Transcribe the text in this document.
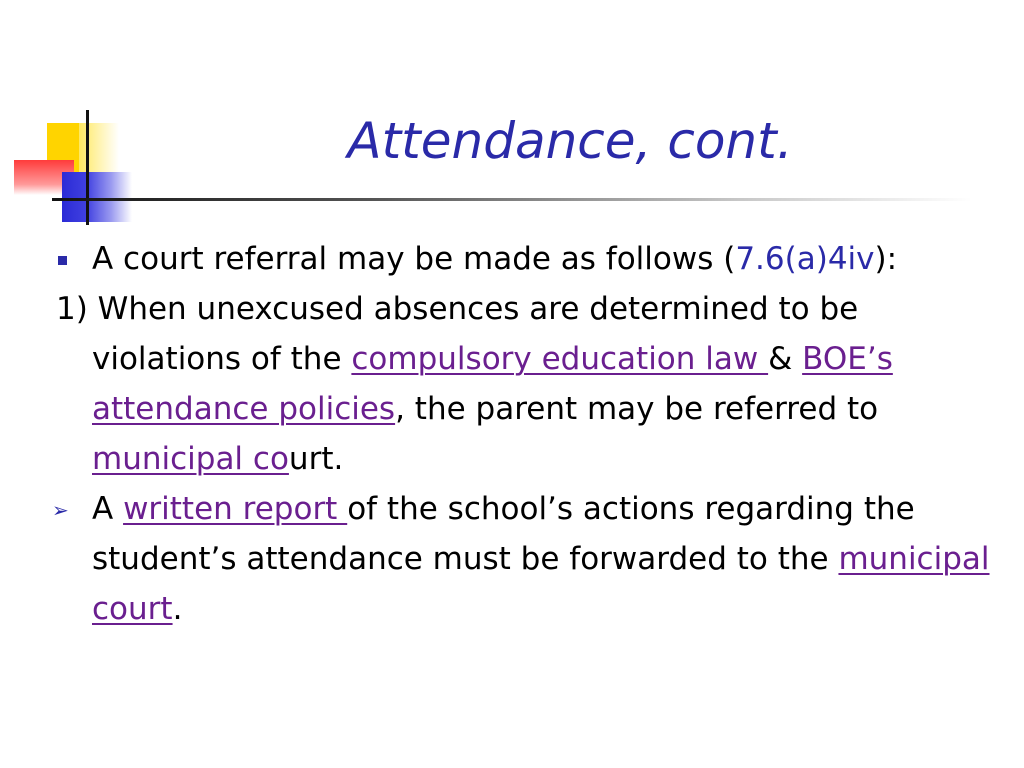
Attendance, cont.

A court referral may be made as follows (7.6(a)4iv):

1) When unexcused absences are determined to be violations of the compulsory education law & BOE’s attendance policies, the parent may be referred to municipal court.

➢ A written report of the school’s actions regarding the student’s attendance must be forwarded to the municipal court.
